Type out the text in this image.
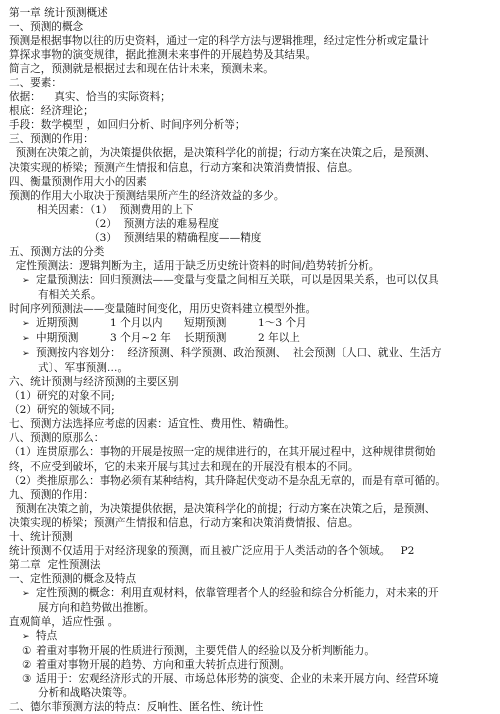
第一章 统计预测概述
一、预测的概念
预测是根据事物以往的历史资料，通过一定的科学方法与逻辑推理，经过定性分析或定量计
算探求事物的演变规律，据此推测未来事件的开展趋势及其结果。
简言之，预测就是根据过去和现在估计未来，预测未来。
二、要素：
依据：    真实、恰当的实际资料；
根底：经济理论；
手段：数学模型 ，如回归分析、时间序列分析等；
三、预测的作用：
预测在决策之前，为决策提供依据，是决策科学化的前提；行动方案在决策之后，是预测、
决策实现的桥梁；预测产生情报和信息，行动方案和决策消费情报、信息。
四、衡量预测作用大小的因素
预测的作用大小取决于预测结果所产生的经济效益的多少。
相关因素：（1）  预测费用的上下
（2）  预测方法的难易程度
（3）  预测结果的精确程度——精度
五、预测方法的分类
定性预测法：逻辑判断为主，适用于缺乏历史统计资料的时间/趋势转折分析。
➢ 定量预测法：回归预测法——变量与变量之间相互关联，可以是因果关系，也可以仅具
有相关关系。
时间序列预测法——变量随时间变化，用历史资料建立模型外推。
➢ 近期预测	1 个月以内 短期预测	1～3 个月
➢ 中期预测	3 个月~2 年 长期预测	2 年以上
➢ 预测按内容划分：  经济预测、科学预测、政治预测、  社会预测〔人口、就业、生活方
式〕、军事预测…。
六、统计预测与经济预测的主要区别
（1）研究的对象不同;
（2）研究的领域不同;
七、预测方法选择应考虑的因素：适宜性、费用性、精确性。
八、预测的原那么：
（1）连贯原那么：事物的开展是按照一定的规律进行的，在其开展过程中，这种规律贯彻始
终，不应受到破坏，它的未来开展与其过去和现在的开展没有根本的不同。
（2）类推原那么：事物必须有某种结构，其升降起伏变动不是杂乱无章的，而是有章可循的。
九、预测的作用：
预测在决策之前，为决策提供依据，是决策科学化的前提；行动方案在决策之后，是预测、
决策实现的桥梁；预测产生情报和信息，行动方案和决策消费情报、信息。
十、统计预测
统计预测不仅适用于对经济现象的预测，而且被广泛应用于人类活动的各个领域。   P2
第二章  定性预测法
一、定性预测的概念及特点
➢ 定性预测的概念：利用直观材料，依靠管理者个人的经验和综合分析能力，对未来的开
展方向和趋势做出推断。
直观简单，适应性强 。
➢ 特点
① 着重对事物开展的性质进行预测，主要凭借人的经验以及分析判断能力。
② 着重对事物开展的趋势、方向和重大转折点进行预测。
③ 适用于：宏观经济形式的开展、市场总体形势的演变、企业的未来开展方向、经营环境
分析和战略决策等。
二、德尔菲预测方法的特点：反响性、匿名性、统计性
